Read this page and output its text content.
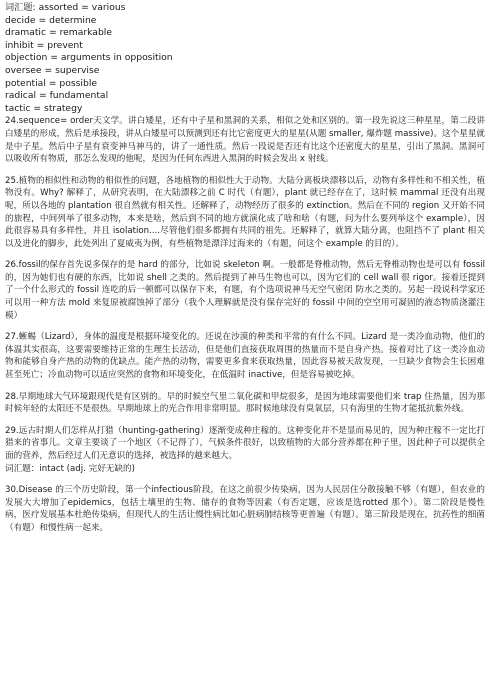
词汇题: assorted = various
decide = determine
dramatic = remarkable
inhibit = prevent
objection = arguments in opposition
oversee = supervise
potential = possible
radical = fundamental
tactic = strategy

24.sequence= order天文学。讲白矮星，还有中子星和黑洞的关系，相似之处和区别的。第一段先说这三种星星，第二段讲白矮星的形成，然后是承接段，讲从白矮星可以预测到还有比它密度更大的星星(从题 smaller, 爆炸题 massive)。这个星星就是中子星。然后中子星有衰变神马神马的，讲了一通性质。然后一段说是否还有比这个还密度大的星星，引出了黑洞。黑洞可以吸收所有物质，那怎么发现的他呢，是因为任何东西进入黑洞的时候会发出 x 射线。

25.植物的相似性和动物的相似性的问题，各地植物的相似性大于动物。大陆分离板块漂移以后，动物有多样性和不相关性，植物没有。Why? 解释了，从研究表明，在大陆漂移之前 C 时代（有题），plant 就已经存在了，这时候 mammal 还没有出现 呢，所以各地的 plantation 很自然就有相关性。还解释了，动物经历了很多的 extinction。然后在不同的 region 又开始不同的旅程，中间列举了很多动物，本来是啥，然后到不同的地方就演化成了啥和啥（有题，问为什么要列举这个 example），因此很容易具有多样性，并且 isolation....尽管他们很多都拥有共同的祖先。还解释了，就算大陆分离，也阻挡不了 plant 相关以及进化的脚步，此处列出了夏威夷为例，有些植物是漂洋过海来的（有题，问这个 example 的目的）。

26.fossil的保存首先说多保存的是 hard 的部分，比如说 skeleton 啊。一般都是脊椎动物，然后无脊椎动物也是可以有 fossil 的，因为她们也有硬的东西，比如说 shell 之类的。然后提到了神马生物也可以，因为它们的 cell wall 很 rigor。接着还提到了一个什么形式的 fossil 连吃的后一顿都可以保存下来，有题，有个选项说神马无空气密闭 防水之类的。另起一段说科学家还可以用一种方法 mold 来复原被腐蚀掉了部分（我个人理解就是没有保存完好的 fossil 中间的空空用可凝固的液态物质浇灌注模）

27.蜥蜴（Lizard），身体的温度是根据环境变化的。还说在沙漠的种类和平常的有什么不同。Lizard 是一类冷血动物，他们的体温其实很高，这要需要维持正常的生理生长活动，但是他们直接获取周围的热量而不是自身产热。接着对比了这一类冷血动物和能够自身产热的动物的优缺点。能产热的动物，需要更多食来获取热量，因此容易被天敌发现，一旦缺少食物会生长困难甚至死亡；冷血动物可以适应突然的食物和环境变化，在低温时 inactive，但是容易被吃掉。

28.早期地球大气环境跟现代是有区别的。早的时候空气里二氧化碳和甲烷很多，是因为地球需要他们来 trap 住热量，因为那时候年轻的太阳还不是很热。早期地球上的光合作用非常明显。那时候地球没有臭氧层，只有海里的生物才能抵抗紫外线。

29.远古时期人们怎样从打猎（hunting-gathering）逐渐变成种庄稼的。这种变化并不是显而易见的，因为种庄稼不一定比打猎来的省事儿。文章主要谈了一个地区（不记得了），气候条件很好，以致植物的大部分营养都在种子里，因此种子可以提供全面的营养，然后经过人们无意识的选择，被选择的越来越大。

词汇题：intact (adj. 完好无缺的)

30.Disease 的三个历史阶段，第一个infectious阶段，在这之前很少传染病，因为人民居住分散接触不够（有题），但农业的发展大大增加了epidemics，包括土壤里的生物、储存的食物等因素（有否定题，应该是选rotted 那个）。第二阶段是慢性病，医疗发展基本杜绝传染病，但现代人的生活让慢性病比如心脏病肺结核等更普遍（有题）。第三阶段是现在，抗药性的细菌（有题）和慢性病一起来。
